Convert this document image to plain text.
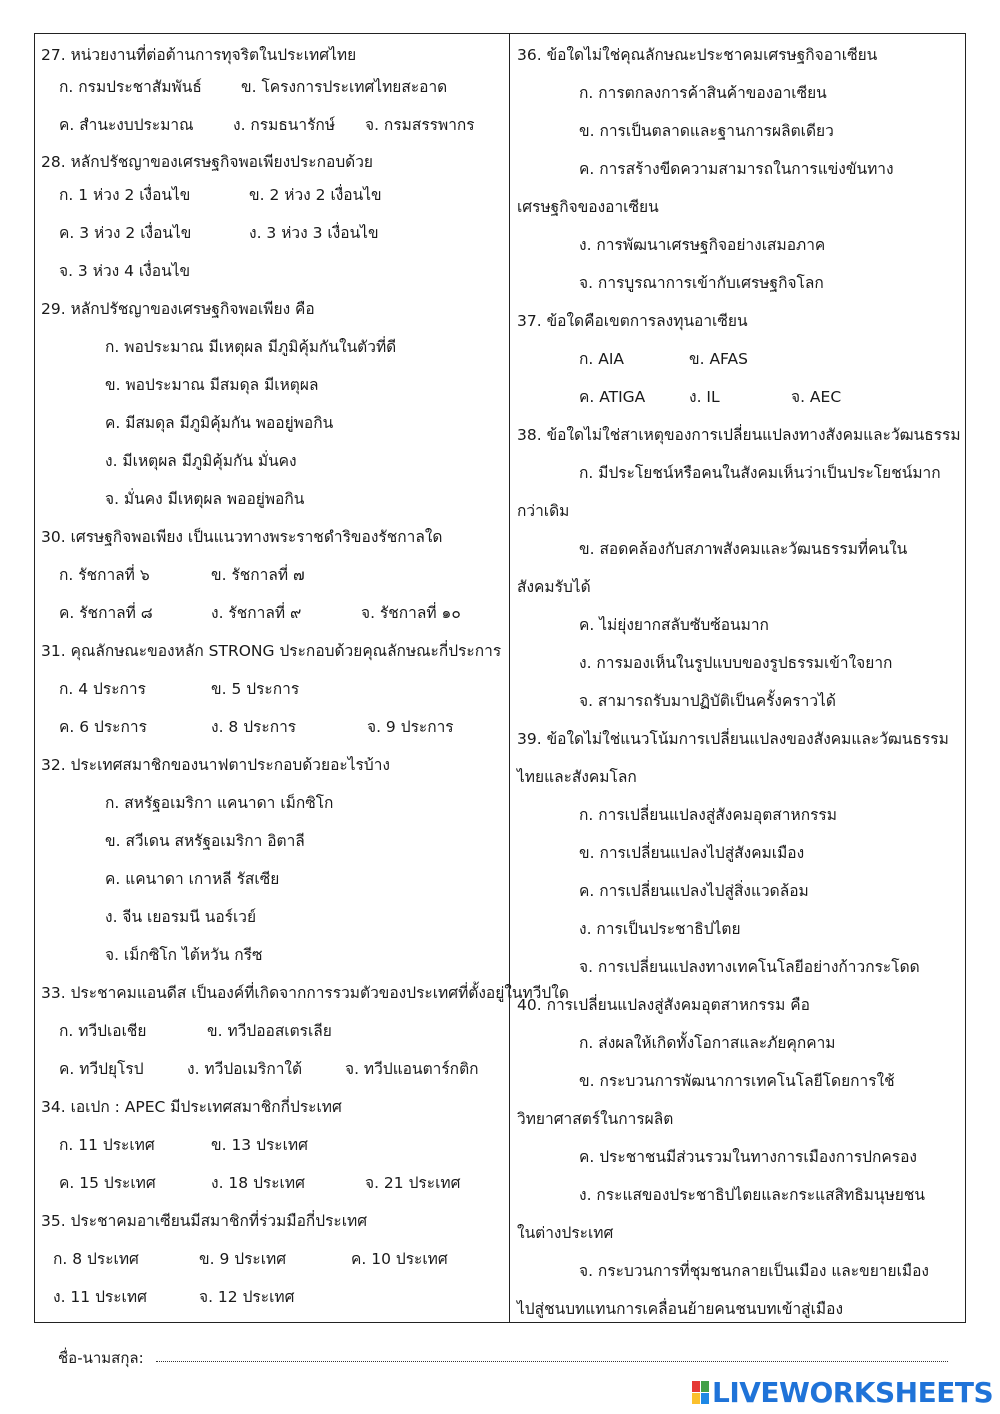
27. หน่วยงานที่ต่อต้านการทุจริตในประเทศไทย
ก. กรมประชาสัมพันธ์	ข. โครงการประเทศไทยสะอาด
ค. สำนะงบประมาณ	ง. กรมธนารักษ์ จ. กรมสรรพากร
28. หลักปรัชญาของเศรษฐกิจพอเพียงประกอบด้วย
ก. 1 ห่วง 2 เงื่อนไข	ข. 2 ห่วง 2 เงื่อนไข
ค. 3 ห่วง 2 เงื่อนไข	ง. 3 ห่วง 3 เงื่อนไข
จ. 3 ห่วง 4 เงื่อนไข
29. หลักปรัชญาของเศรษฐกิจพอเพียง คือ
ก. พอประมาณ มีเหตุผล มีภูมิคุ้มกันในตัวที่ดี
ข. พอประมาณ มีสมดุล มีเหตุผล
ค. มีสมดุล มีภูมิคุ้มกัน พออยู่พอกิน
ง. มีเหตุผล มีภูมิคุ้มกัน มั่นคง
จ. มั่นคง มีเหตุผล พออยู่พอกิน
30. เศรษฐกิจพอเพียง เป็นแนวทางพระราชดำริของรัชกาลใด
ก. รัชกาลที่ ๖	ข. รัชกาลที่ ๗
ค. รัชกาลที่ ๘	ง. รัชกาลที่ ๙	จ. รัชกาลที่ ๑๐
31. คุณลักษณะของหลัก STRONG ประกอบด้วยคุณลักษณะกี่ประการ
ก. 4 ประการ	ข. 5 ประการ
ค. 6 ประการ	ง. 8 ประการ	จ. 9 ประการ
32. ประเทศสมาชิกของนาฟตาประกอบด้วยอะไรบ้าง
ก. สหรัฐอเมริกา แคนาดา เม็กซิโก
ข. สวีเดน สหรัฐอเมริกา อิตาลี
ค. แคนาดา เกาหลี รัสเซีย
ง. จีน เยอรมนี นอร์เวย์
จ. เม็กซิโก ไต้หวัน กรีซ
33. ประชาคมแอนดีส เป็นองค์ที่เกิดจากการรวมตัวของประเทศที่ตั้งอยู่ในทวีปใด
ก. ทวีปเอเชีย	ข. ทวีปออสเตรเลีย
ค. ทวีปยุโรป	ง. ทวีปอเมริกาใต้	จ. ทวีปแอนตาร์กติก
34. เอเปก : APEC มีประเทศสมาชิกกี่ประเทศ
ก. 11 ประเทศ	ข. 13 ประเทศ
ค. 15 ประเทศ	ง. 18 ประเทศ	จ. 21 ประเทศ
35. ประชาคมอาเซียนมีสมาชิกที่ร่วมมือกี่ประเทศ
ก. 8 ประเทศ	ข. 9 ประเทศ	ค. 10 ประเทศ
ง. 11 ประเทศ	จ. 12 ประเทศ
36. ข้อใดไม่ใช่คุณลักษณะประชาคมเศรษฐกิจอาเซียน
ก. การตกลงการค้าสินค้าของอาเซียน
ข. การเป็นตลาดและฐานการผลิตเดียว
ค. การสร้างขีดความสามารถในการแข่งขันทาง
เศรษฐกิจของอาเซียน
ง. การพัฒนาเศรษฐกิจอย่างเสมอภาค
จ. การบูรณาการเข้ากับเศรษฐกิจโลก
37. ข้อใดคือเขตการลงทุนอาเซียน
ก. AIA	ข. AFAS
ค. ATIGA	ง. IL	จ. AEC
38. ข้อใดไม่ใช่สาเหตุของการเปลี่ยนแปลงทางสังคมและวัฒนธรรม
ก. มีประโยชน์หรือคนในสังคมเห็นว่าเป็นประโยชน์มาก
กว่าเดิม
ข. สอดคล้องกับสภาพสังคมและวัฒนธรรมที่คนใน
สังคมรับได้
ค. ไม่ยุ่งยากสลับซับซ้อนมาก
ง. การมองเห็นในรูปแบบของรูปธรรมเข้าใจยาก
จ. สามารถรับมาปฏิบัติเป็นครั้งคราวได้
39. ข้อใดไม่ใช่แนวโน้มการเปลี่ยนแปลงของสังคมและวัฒนธรรม
ไทยและสังคมโลก
ก. การเปลี่ยนแปลงสู่สังคมอุตสาหกรรม
ข. การเปลี่ยนแปลงไปสู่สังคมเมือง
ค. การเปลี่ยนแปลงไปสู่สิ่งแวดล้อม
ง. การเป็นประชาธิปไตย
จ. การเปลี่ยนแปลงทางเทคโนโลยีอย่างก้าวกระโดด
40. การเปลี่ยนแปลงสู่สังคมอุตสาหกรรม คือ
ก. ส่งผลให้เกิดทั้งโอกาสและภัยคุกคาม
ข. กระบวนการพัฒนาการเทคโนโลยีโดยการใช้
วิทยาศาสตร์ในการผลิต
ค. ประชาชนมีส่วนรวมในทางการเมืองการปกครอง
ง. กระแสของประชาธิปไตยและกระแสสิทธิมนุษยชน
ในต่างประเทศ
จ. กระบวนการที่ชุมชนกลายเป็นเมือง และขยายเมือง
ไปสู่ชนบทแทนการเคลื่อนย้ายคนชนบทเข้าสู่เมือง
ชื่อ-นามสกุล:
LIVEWORKSHEETS
